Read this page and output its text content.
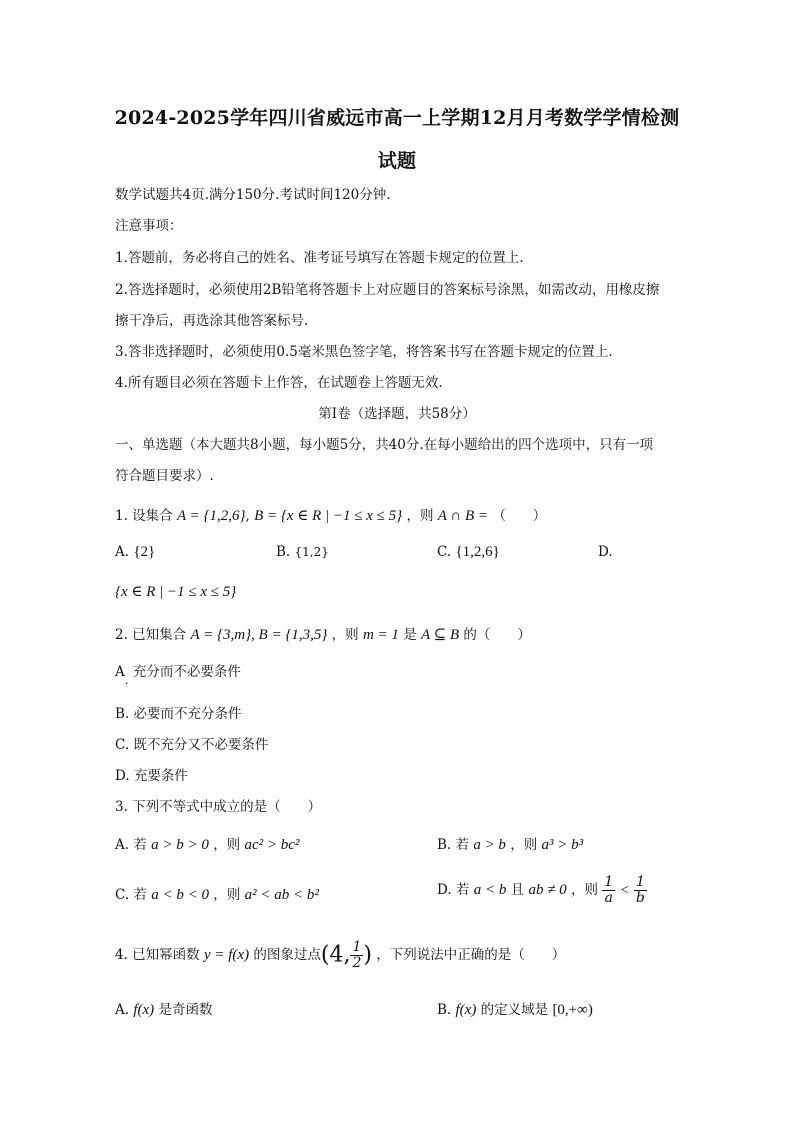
2024-2025学年四川省威远市高一上学期12月月考数学学情检测
试题
数学试题共4页.满分150分.考试时间120分钟.
注意事项：
1.答题前，务必将自己的姓名、准考证号填写在答题卡规定的位置上.
2.答选择题时，必须使用2B铅笔将答题卡上对应题目的答案标号涂黑，如需改动，用橡皮擦
擦干净后，再选涂其他答案标号.
3.答非选择题时，必须使用0.5毫米黑色签字笔，将答案书写在答题卡规定的位置上.
4.所有题目必须在答题卡上作答，在试题卷上答题无效.
第Ⅰ卷（选择题，共58分）
一、单选题（本大题共8小题，每小题5分，共40分.在每小题给出的四个选项中，只有一项
符合题目要求）.
1. 设集合 A = {1,2,6}, B = {x ∈ R | −1 ≤ x ≤ 5} ，则 A ∩ B = （　　）
A. {2}	B. {1,2}	C. {1,2,6}	D.
{x ∈ R | −1 ≤ x ≤ 5}
2. 已知集合 A = {3,m}, B = {1,3,5} ，则 m = 1 是 A ⊆ B 的（　　）
A. 充分而不必要条件
B. 必要而不充分条件
C. 既不充分又不必要条件
D. 充要条件
3. 下列不等式中成立的是（　　）
A. 若 a > b > 0 ，则 ac² > bc²	B. 若 a > b ，则 a³ > b³
C. 若 a < b < 0 ，则 a² < ab < b²	D. 若 a < b 且 ab ≠ 0 ，则 $\frac{1}{a} < \frac{1}{b}$
4. 已知幂函数 y = f(x) 的图象过点(4, $\frac{1}{2}$ ) ，下列说法中正确的是（　　）
A. f(x) 是奇函数	B. f(x) 的定义域是 [0,+∞)
